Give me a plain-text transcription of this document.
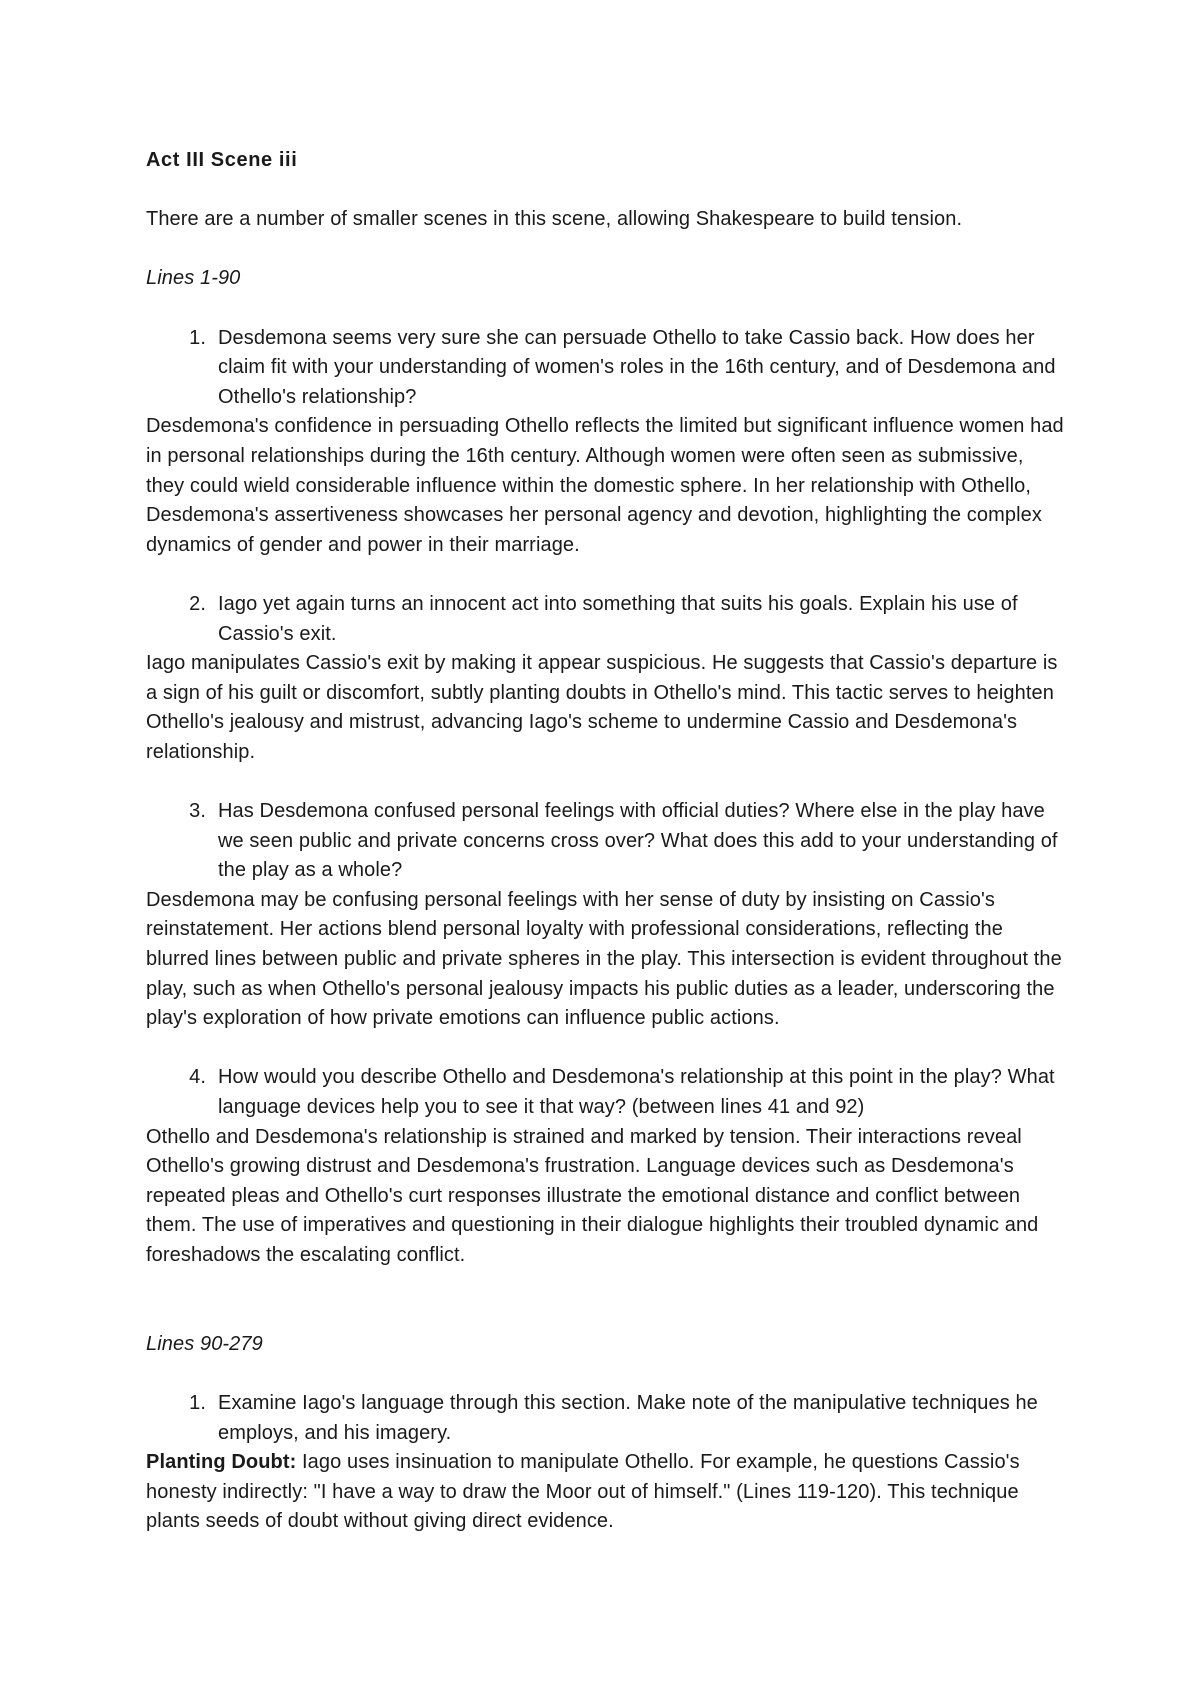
Act III Scene iii
There are a number of smaller scenes in this scene, allowing Shakespeare to build tension.
Lines 1-90
1. Desdemona seems very sure she can persuade Othello to take Cassio back. How does her claim fit with your understanding of women's roles in the 16th century, and of Desdemona and Othello's relationship?
Desdemona's confidence in persuading Othello reflects the limited but significant influence women had in personal relationships during the 16th century. Although women were often seen as submissive, they could wield considerable influence within the domestic sphere. In her relationship with Othello, Desdemona's assertiveness showcases her personal agency and devotion, highlighting the complex dynamics of gender and power in their marriage.
2. Iago yet again turns an innocent act into something that suits his goals. Explain his use of Cassio's exit.
Iago manipulates Cassio's exit by making it appear suspicious. He suggests that Cassio's departure is a sign of his guilt or discomfort, subtly planting doubts in Othello's mind. This tactic serves to heighten Othello's jealousy and mistrust, advancing Iago's scheme to undermine Cassio and Desdemona's relationship.
3. Has Desdemona confused personal feelings with official duties? Where else in the play have we seen public and private concerns cross over? What does this add to your understanding of the play as a whole?
Desdemona may be confusing personal feelings with her sense of duty by insisting on Cassio's reinstatement. Her actions blend personal loyalty with professional considerations, reflecting the blurred lines between public and private spheres in the play. This intersection is evident throughout the play, such as when Othello's personal jealousy impacts his public duties as a leader, underscoring the play's exploration of how private emotions can influence public actions.
4. How would you describe Othello and Desdemona's relationship at this point in the play? What language devices help you to see it that way? (between lines 41 and 92)
Othello and Desdemona's relationship is strained and marked by tension. Their interactions reveal Othello's growing distrust and Desdemona's frustration. Language devices such as Desdemona's repeated pleas and Othello's curt responses illustrate the emotional distance and conflict between them. The use of imperatives and questioning in their dialogue highlights their troubled dynamic and foreshadows the escalating conflict.
Lines 90-279
1. Examine Iago's language through this section. Make note of the manipulative techniques he employs, and his imagery.
Planting Doubt: Iago uses insinuation to manipulate Othello. For example, he questions Cassio's honesty indirectly: "I have a way to draw the Moor out of himself." (Lines 119-120). This technique plants seeds of doubt without giving direct evidence.
